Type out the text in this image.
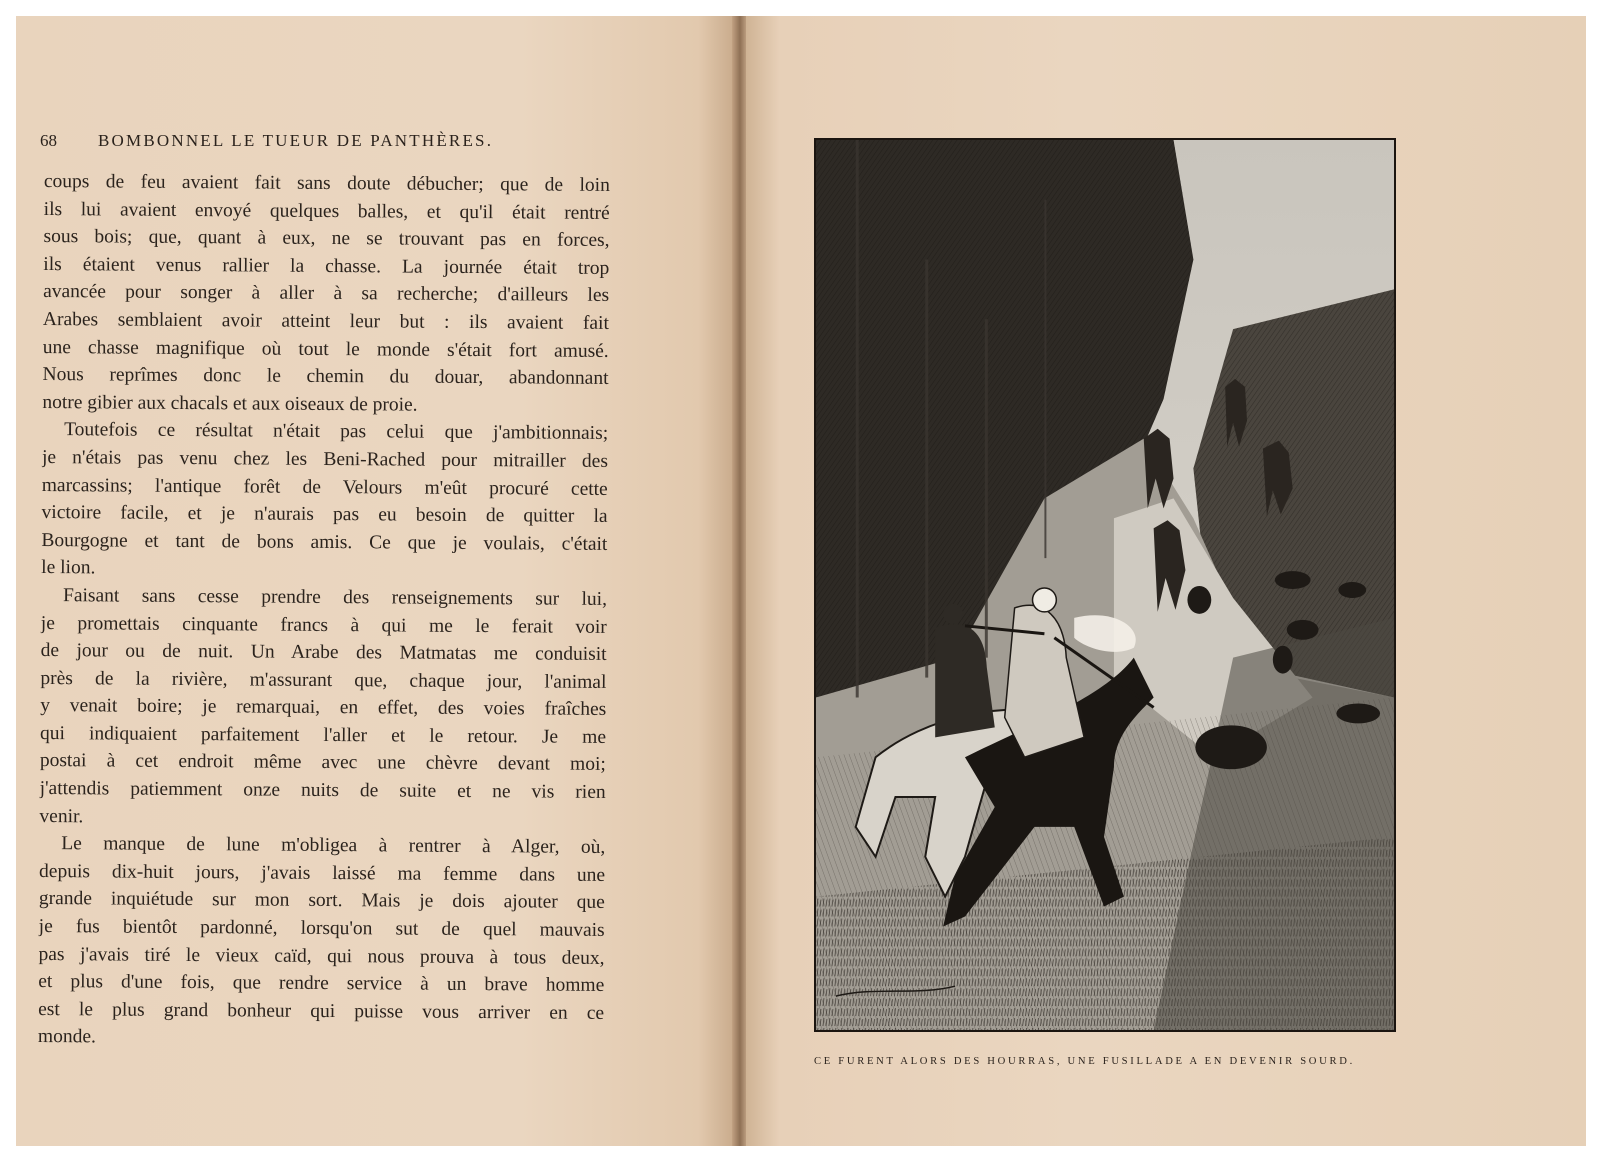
68 BOMBONNEL LE TUEUR DE PANTHÈRES.
coups de feu avaient fait sans doute débucher; que de loin
ils lui avaient envoyé quelques balles, et qu'il était rentré
sous bois; que, quant à eux, ne se trouvant pas en forces,
ils étaient venus rallier la chasse. La journée était trop
avancée pour songer à aller à sa recherche; d'ailleurs les
Arabes semblaient avoir atteint leur but : ils avaient fait
une chasse magnifique où tout le monde s'était fort amusé.
Nous reprîmes donc le chemin du douar, abandonnant
notre gibier aux chacals et aux oiseaux de proie.
Toutefois ce résultat n'était pas celui que j'ambitionnais;
je n'étais pas venu chez les Beni-Rached pour mitrailler des
marcassins; l'antique forêt de Velours m'eût procuré cette
victoire facile, et je n'aurais pas eu besoin de quitter la
Bourgogne et tant de bons amis. Ce que je voulais, c'était
le lion.
Faisant sans cesse prendre des renseignements sur lui,
je promettais cinquante francs à qui me le ferait voir
de jour ou de nuit. Un Arabe des Matmatas me conduisit
près de la rivière, m'assurant que, chaque jour, l'animal
y venait boire; je remarquai, en effet, des voies fraîches
qui indiquaient parfaitement l'aller et le retour. Je me
postai à cet endroit même avec une chèvre devant moi;
j'attendis patiemment onze nuits de suite et ne vis rien
venir.
Le manque de lune m'obligea à rentrer à Alger, où,
depuis dix-huit jours, j'avais laissé ma femme dans une
grande inquiétude sur mon sort. Mais je dois ajouter que
je fus bientôt pardonné, lorsqu'on sut de quel mauvais
pas j'avais tiré le vieux caïd, qui nous prouva à tous deux,
et plus d'une fois, que rendre service à un brave homme
est le plus grand bonheur qui puisse vous arriver en ce
monde.
CE FURENT ALORS DES HOURRAS, UNE FUSILLADE A EN DEVENIR SOURD.
